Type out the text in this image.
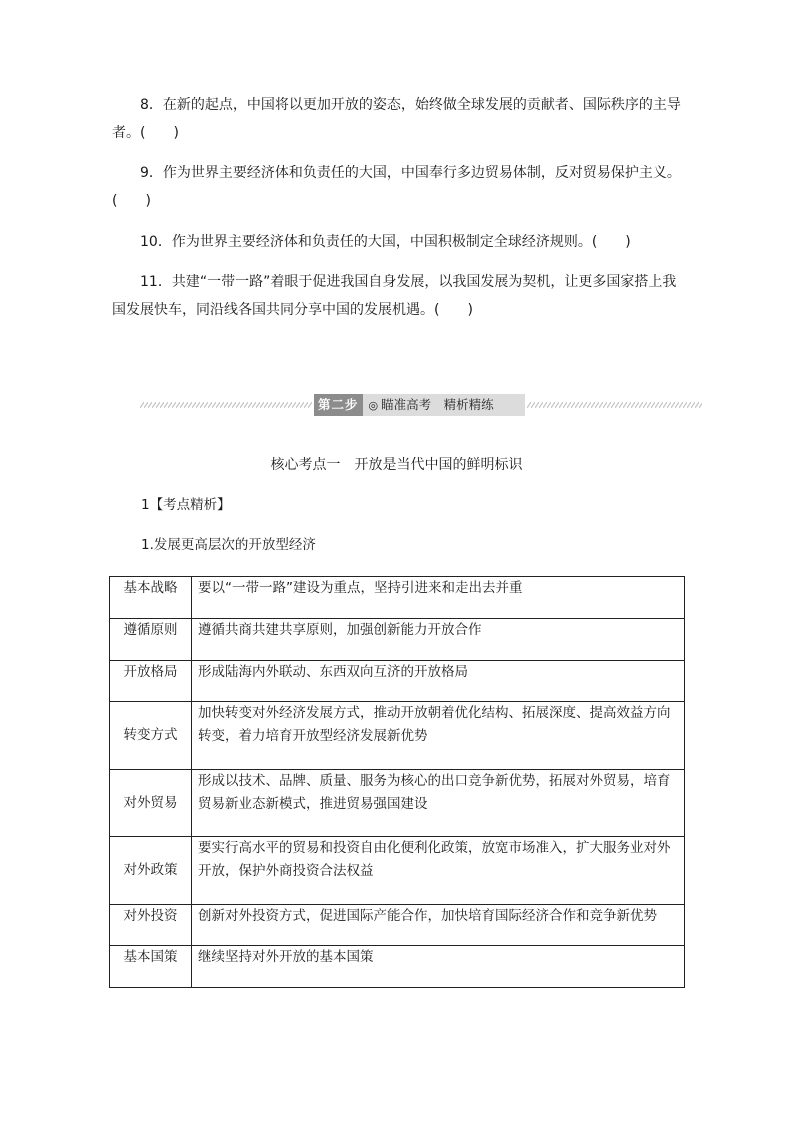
8．在新的起点，中国将以更加开放的姿态，始终做全球发展的贡献者、国际秩序的主导者。(　　)

9．作为世界主要经济体和负责任的大国，中国奉行多边贸易体制，反对贸易保护主义。(　　)

10．作为世界主要经济体和负责任的大国，中国积极制定全球经济规则。(　　)

11．共建“一带一路”着眼于促进我国自身发展，以我国发展为契机，让更多国家搭上我国发展快车，同沿线各国共同分享中国的发展机遇。(　　)

第二步 ◎ 瞄准高考　精析精练
核心考点一　开放是当代中国的鲜明标识
1【考点精析】
1.发展更高层次的开放型经济
基本战略	要以“一带一路”建设为重点，坚持引进来和走出去并重

遵循原则	遵循共商共建共享原则，加强创新能力开放合作

开放格局	形成陆海内外联动、东西双向互济的开放格局

转变方式	加快转变对外经济发展方式，推动开放朝着优化结构、拓展深度、提高效益方向转变，着力培育开放型经济发展新优势

对外贸易	形成以技术、品牌、质量、服务为核心的出口竞争新优势，拓展对外贸易，培育贸易新业态新模式，推进贸易强国建设

对外政策	要实行高水平的贸易和投资自由化便利化政策，放宽市场准入，扩大服务业对外开放，保护外商投资合法权益

对外投资	创新对外投资方式，促进国际产能合作，加快培育国际经济合作和竞争新优势

基本国策	继续坚持对外开放的基本国策
